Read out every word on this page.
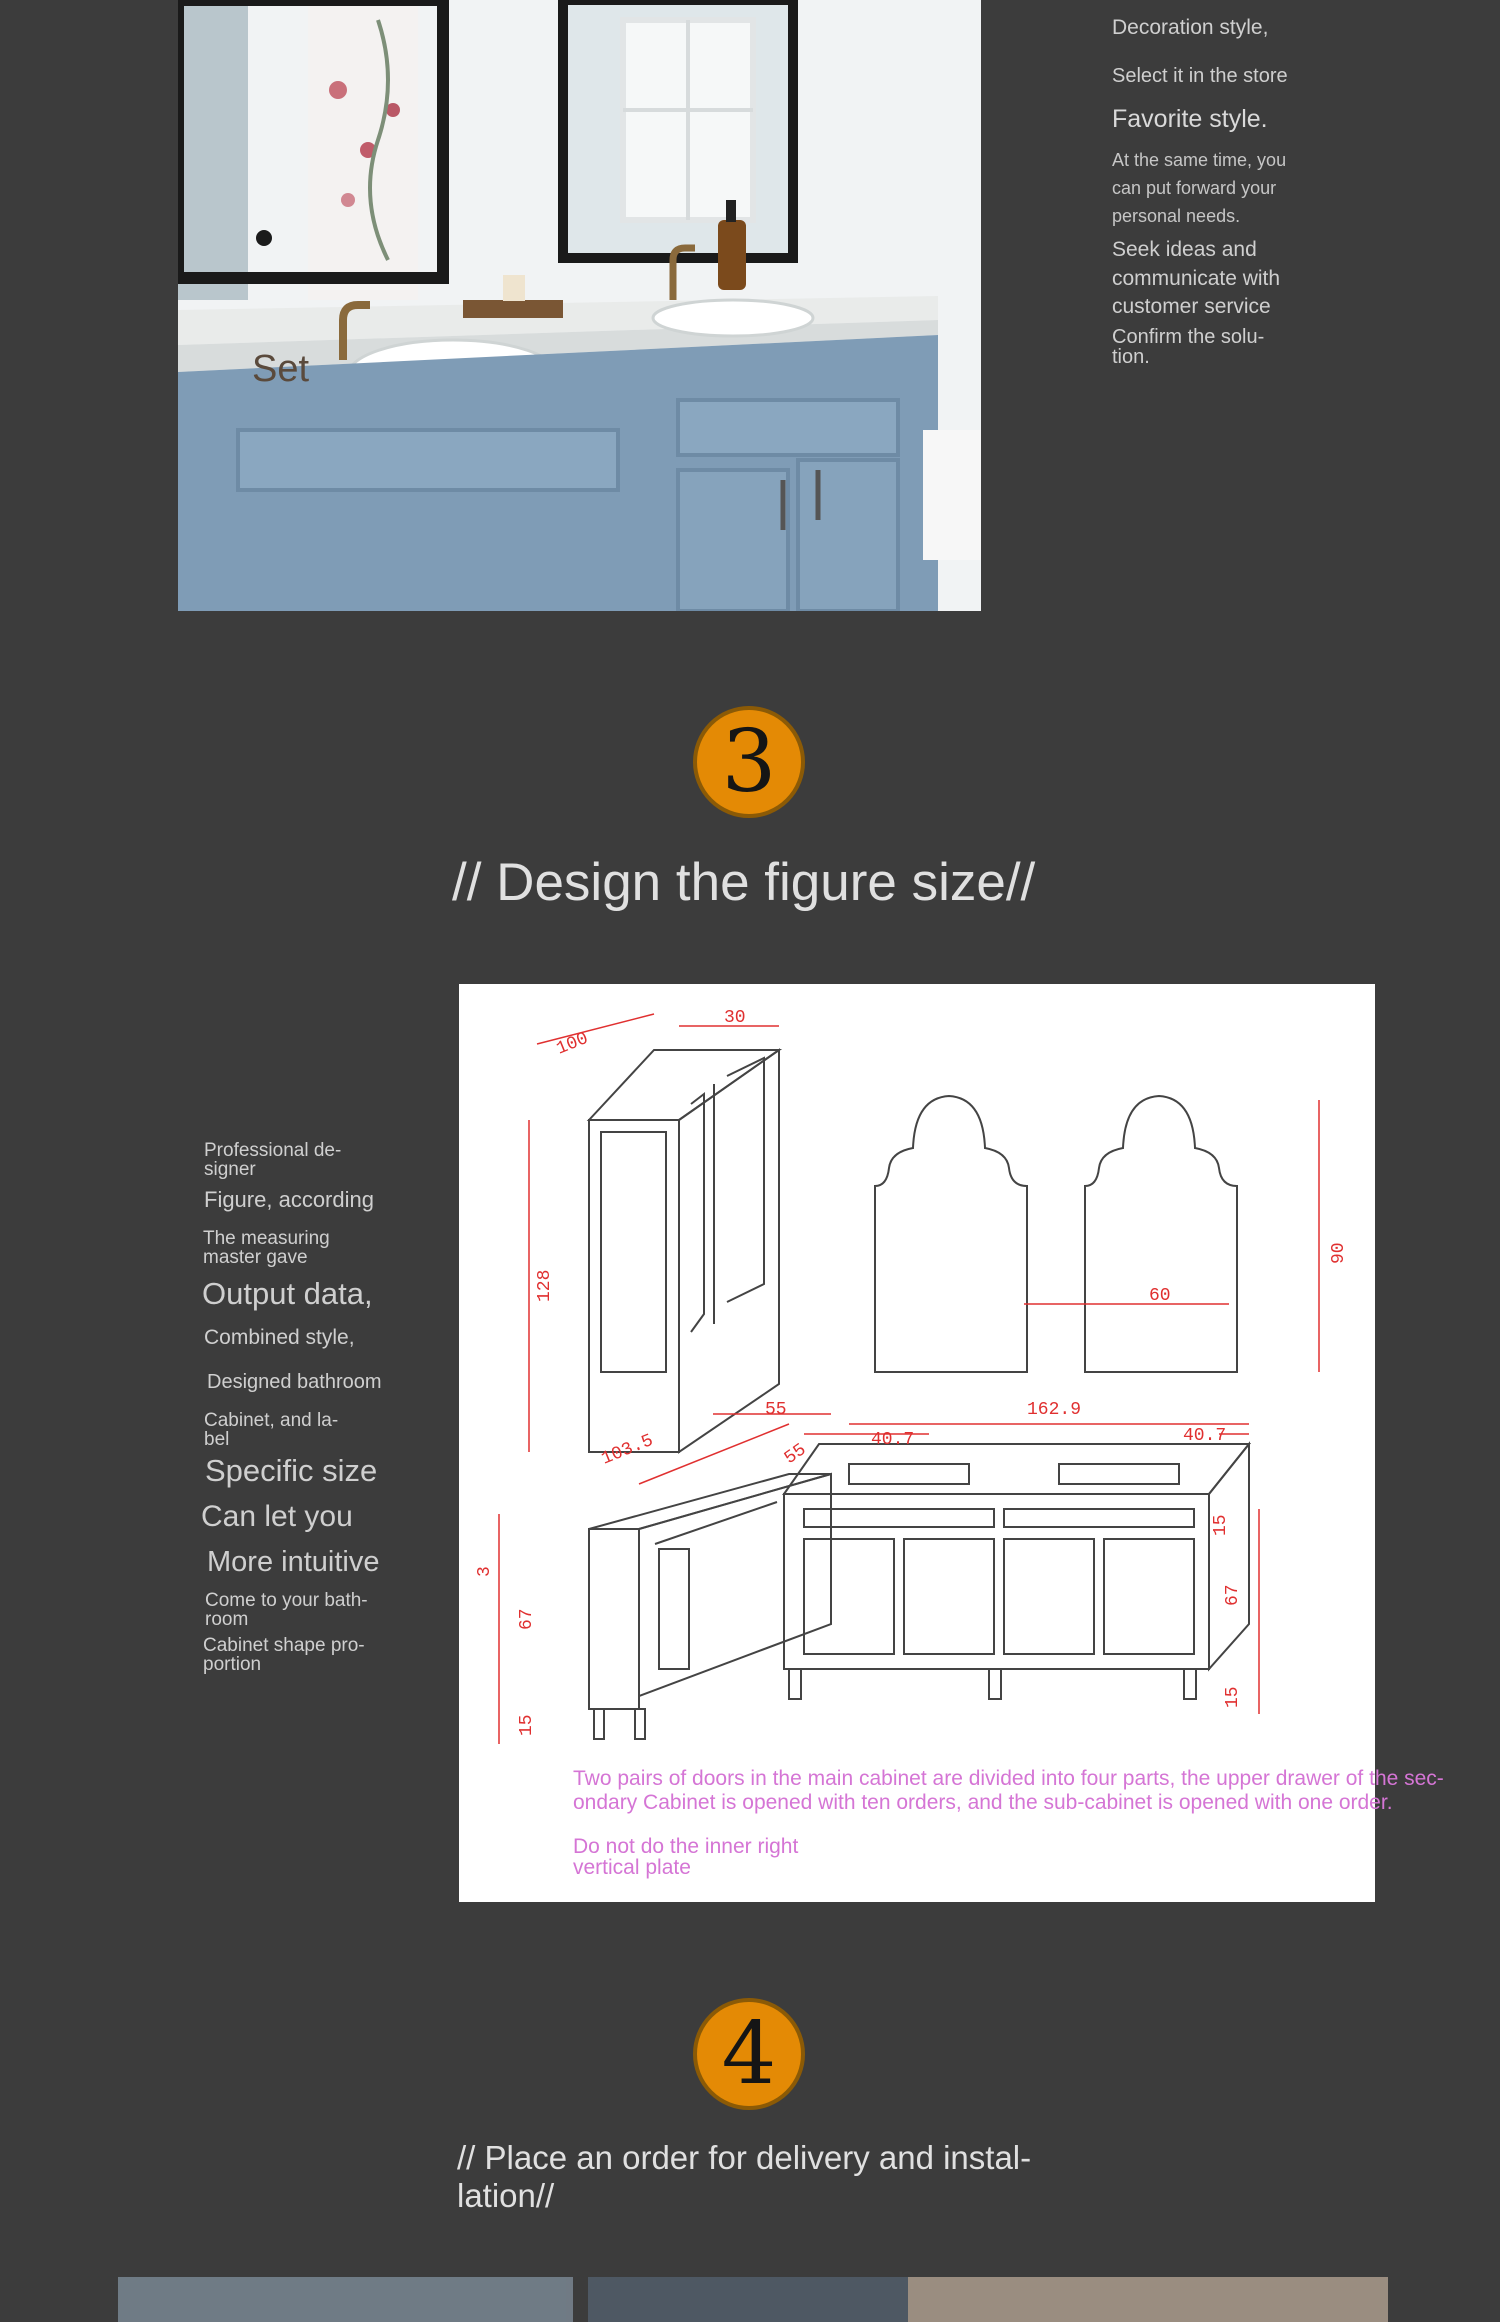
Set
Decoration style,
Select it in the store
Favorite style.
At the same time, you can put forward your personal needs.
Seek ideas and communicate with customer service
Confirm the solu- tion.
3
// Design the figure size//
Professional de- signer
Figure, according
The measuring master gave
Output data,
Combined style,
Designed bathroom
Cabinet, and la- bel
Specific size
Can let you
More intuitive
Come to your bath- room
Cabinet shape pro- portion
100
30
128
55	162.9
60
90
40.7	40.7
103.5	55
3
67
15
15
67
15
Two pairs of doors in the main cabinet are divided into four parts, the upper drawer of the sec- ondary Cabinet is opened with ten orders, and the sub-cabinet is opened with one order.
Do not do the inner right vertical plate
4
// Place an order for delivery and instal- lation//
